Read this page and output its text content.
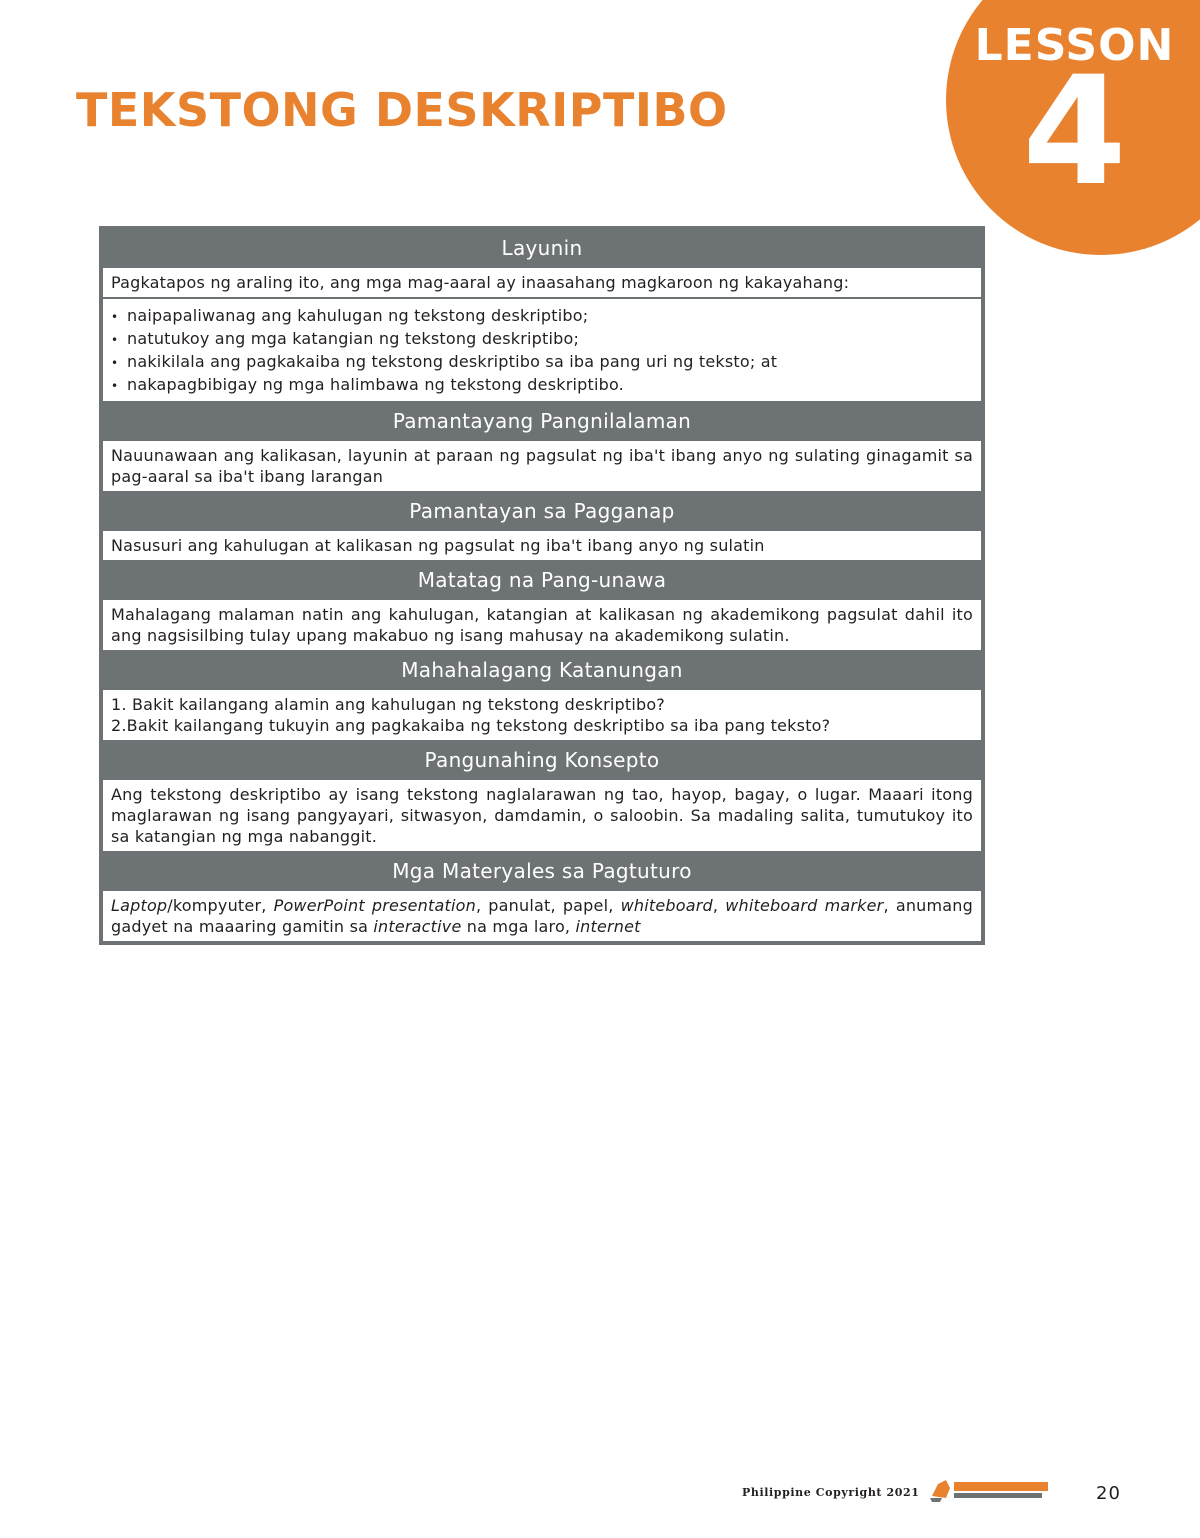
LESSON
4
TEKSTONG DESKRIPTIBO
Layunin
Pagkatapos ng araling ito, ang mga mag-aaral ay inaasahang magkaroon ng kakayahang:
• naipapaliwanag ang kahulugan ng tekstong deskriptibo;
• natutukoy ang mga katangian ng tekstong deskriptibo;
• nakikilala ang pagkakaiba ng tekstong deskriptibo sa iba pang uri ng teksto; at
• nakapagbibigay ng mga halimbawa ng tekstong deskriptibo.
Pamantayang Pangnilalaman
Nauunawaan ang kalikasan, layunin at paraan ng pagsulat ng iba't ibang anyo ng sulating ginagamit sa pag-aaral sa iba't ibang larangan
Pamantayan sa Pagganap
Nasusuri ang kahulugan at kalikasan ng pagsulat ng iba't ibang anyo ng sulatin
Matatag na Pang-unawa
Mahalagang malaman natin ang kahulugan, katangian at kalikasan ng akademikong pagsulat dahil ito ang nagsisilbing tulay upang makabuo ng isang mahusay na akademikong sulatin.
Mahahalagang Katanungan
1. Bakit kailangang alamin ang kahulugan ng tekstong deskriptibo?
2.Bakit kailangang tukuyin ang pagkakaiba ng tekstong deskriptibo sa iba pang teksto?
Pangunahing Konsepto
Ang tekstong deskriptibo ay isang tekstong naglalarawan ng tao, hayop, bagay, o lugar. Maaari itong maglarawan ng isang pangyayari, sitwasyon, damdamin, o saloobin. Sa madaling salita, tumutukoy ito sa katangian ng mga nabanggit.
Mga Materyales sa Pagtuturo
Laptop/kompyuter, PowerPoint presentation, panulat, papel, whiteboard, whiteboard marker, anumang gadyet na maaaring gamitin sa interactive na mga laro, internet
Philippine Copyright 2021	20
